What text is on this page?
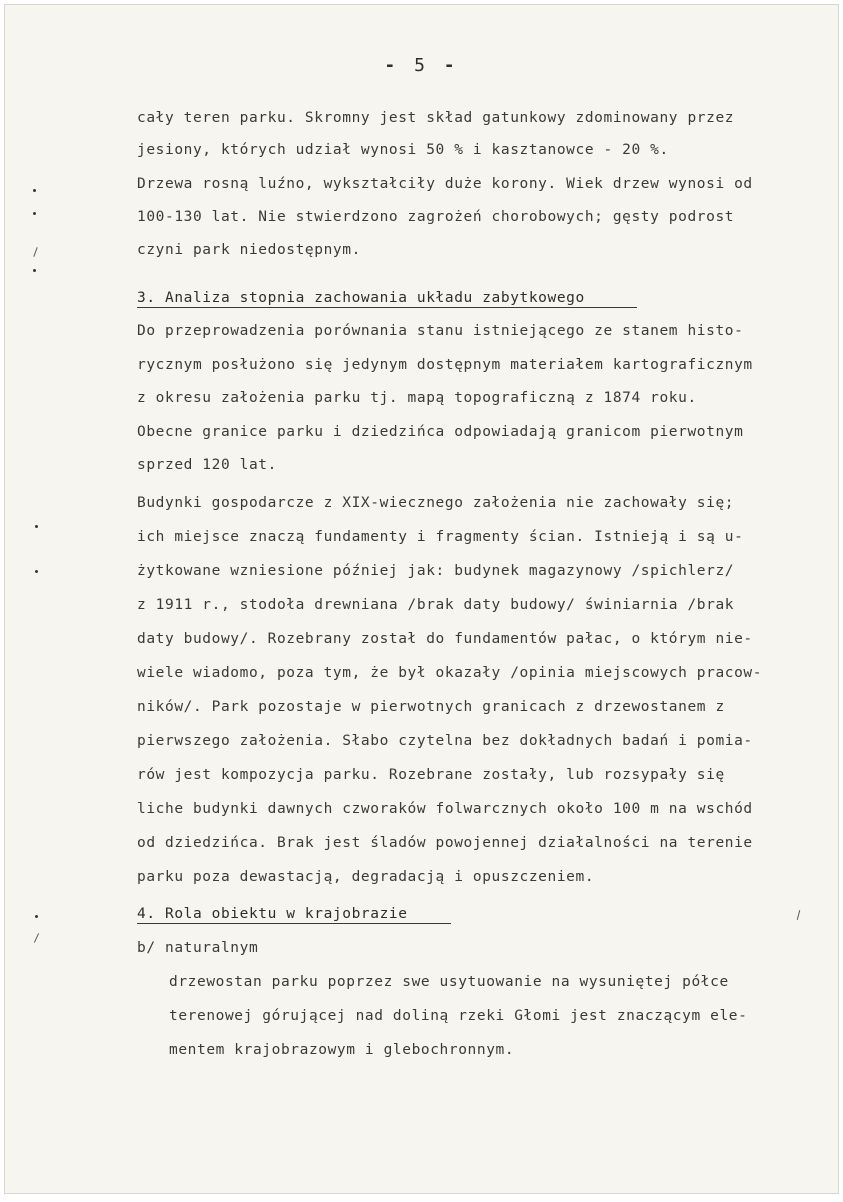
- 5 -
cały teren parku. Skromny jest skład gatunkowy zdominowany przez
jesiony, których udział wynosi 50 % i kasztanowce - 20 %.
Drzewa rosną luźno, wykształciły duże korony. Wiek drzew wynosi od
100-130 lat. Nie stwierdzono zagrożeń chorobowych; gęsty podrost
czyni park niedostępnym.
3. Analiza stopnia zachowania układu zabytkowego
Do przeprowadzenia porównania stanu istniejącego ze stanem histo-
rycznym posłużono się jedynym dostępnym materiałem kartograficznym
z okresu założenia parku tj. mapą topograficzną z 1874 roku.
Obecne granice parku i dziedzińca odpowiadają granicom pierwotnym
sprzed 120 lat.
Budynki gospodarcze z XIX-wiecznego założenia nie zachowały się;
ich miejsce znaczą fundamenty i fragmenty ścian. Istnieją i są u-
żytkowane wzniesione później jak: budynek magazynowy /spichlerz/
z 1911 r., stodoła drewniana /brak daty budowy/ świniarnia /brak
daty budowy/. Rozebrany został do fundamentów pałac, o którym nie-
wiele wiadomo, poza tym, że był okazały /opinia miejscowych pracow-
ników/. Park pozostaje w pierwotnych granicach z drzewostanem z
pierwszego założenia. Słabo czytelna bez dokładnych badań i pomia-
rów jest kompozycja parku. Rozebrane zostały, lub rozsypały się
liche budynki dawnych czworaków folwarcznych około 100 m na wschód
od dziedzińca. Brak jest śladów powojennej działalności na terenie
parku poza dewastacją, degradacją i opuszczeniem.
4. Rola obiektu w krajobrazie
b/ naturalnym
drzewostan parku poprzez swe usytuowanie na wysuniętej półce
terenowej górującej nad doliną rzeki Głomi jest znaczącym ele-
mentem krajobrazowym i glebochronnym.
